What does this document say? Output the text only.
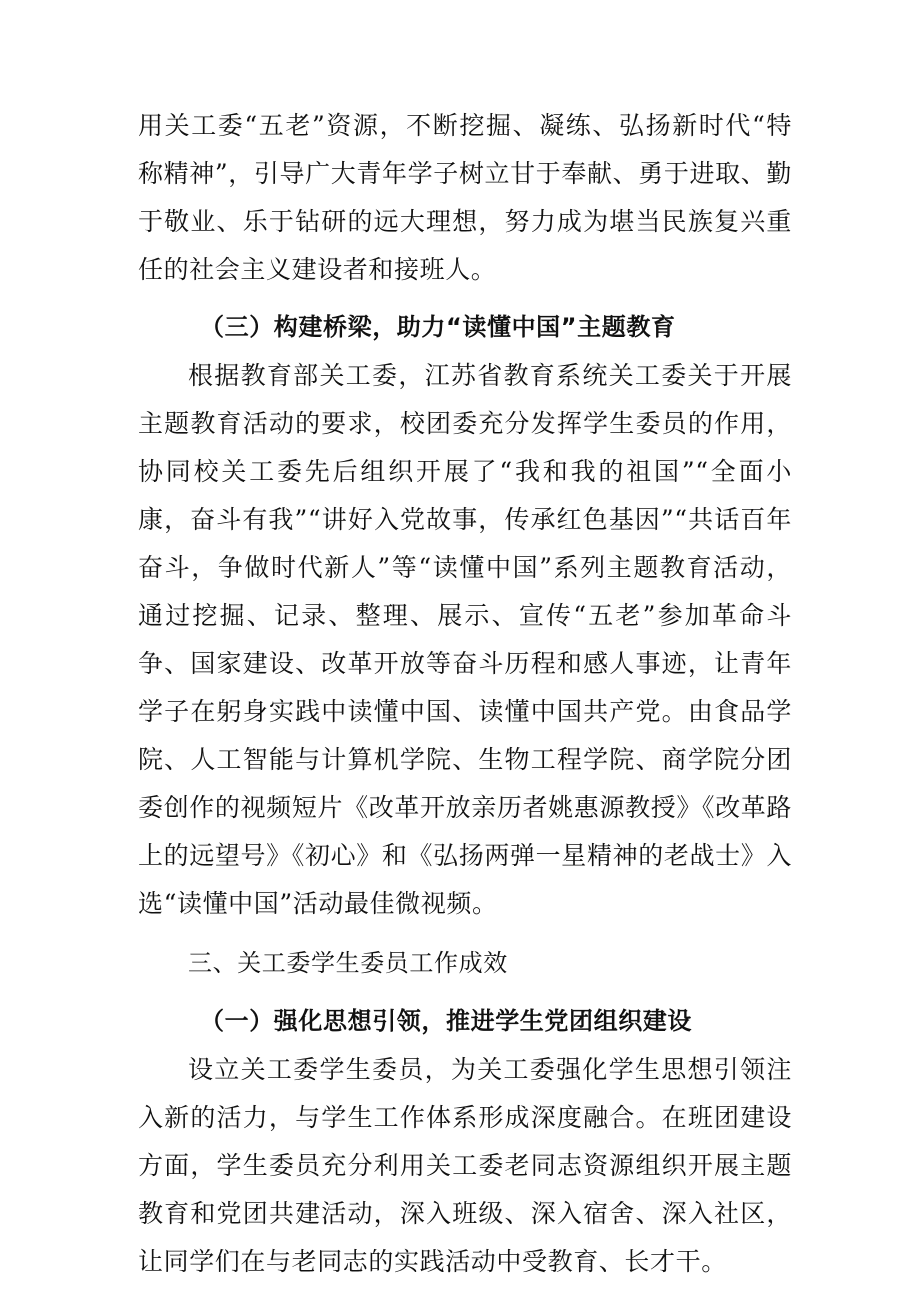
用关工委“五老”资源，不断挖掘、凝练、弘扬新时代“特称精神”，引导广大青年学子树立甘于奉献、勇于进取、勤于敬业、乐于钻研的远大理想，努力成为堪当民族复兴重任的社会主义建设者和接班人。

（三）构建桥梁，助力“读懂中国”主题教育

根据教育部关工委，江苏省教育系统关工委关于开展主题教育活动的要求，校团委充分发挥学生委员的作用，协同校关工委先后组织开展了“我和我的祖国”“全面小康，奋斗有我”“讲好入党故事，传承红色基因”“共话百年奋斗，争做时代新人”等“读懂中国”系列主题教育活动，通过挖掘、记录、整理、展示、宣传“五老”参加革命斗争、国家建设、改革开放等奋斗历程和感人事迹，让青年学子在躬身实践中读懂中国、读懂中国共产党。由食品学院、人工智能与计算机学院、生物工程学院、商学院分团委创作的视频短片《改革开放亲历者姚惠源教授》《改革路上的远望号》《初心》和《弘扬两弹一星精神的老战士》入选“读懂中国”活动最佳微视频。

三、关工委学生委员工作成效

（一）强化思想引领，推进学生党团组织建设

设立关工委学生委员，为关工委强化学生思想引领注入新的活力，与学生工作体系形成深度融合。在班团建设方面，学生委员充分利用关工委老同志资源组织开展主题教育和党团共建活动，深入班级、深入宿舍、深入社区，让同学们在与老同志的实践活动中受教育、长才干。
